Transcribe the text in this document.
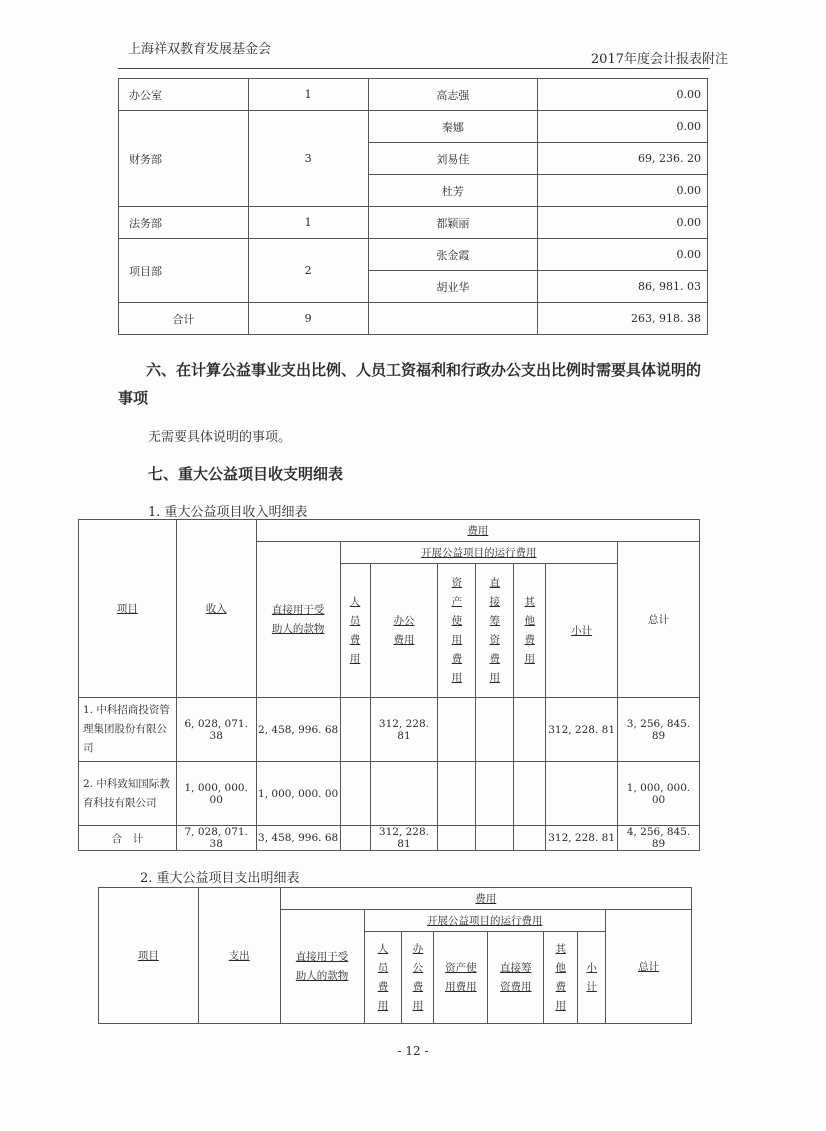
上海祥双教育发展基金会
2017年度会计报表附注
办公室	1	高志强	0.00
财务部	3	秦娜	0.00
		刘易佳	69, 236. 20
		杜芳	0.00
法务部	1	都颖丽	0.00
项目部	2	张金霞	0.00
		胡业华	86, 981. 03
合计	9		263, 918. 38
六、在计算公益事业支出比例、人员工资福利和行政办公支出比例时需要具体说明的事项
无需要具体说明的事项。
七、重大公益项目收支明细表
1. 重大公益项目收入明细表
项目	收入	费用							
		直接用于受助人的款物	开展公益项目的运行费用						总计
			人员费用	办公费用	资产使用费用	直接筹资费用	其他费用	小计	

1. 中科招商投资管理集团股份有限公司	6, 028, 071. 38	2, 458, 996. 68		312, 228. 81				312, 228. 81	3, 256, 845. 89
2. 中科致知国际教育科技有限公司	1, 000, 000. 00	1, 000, 000. 00							1, 000, 000. 00
合　计	7, 028, 071. 38	3, 458, 996. 68		312, 228. 81				312, 228. 81	4, 256, 845. 89
2. 重大公益项目支出明细表
项目	支出	费用							
		直接用于受助人的款物	开展公益项目的运行费用						总计
			人员费用	办公费用	资产使用费用	直接筹资费用	其他费用	小计	
- 12 -
